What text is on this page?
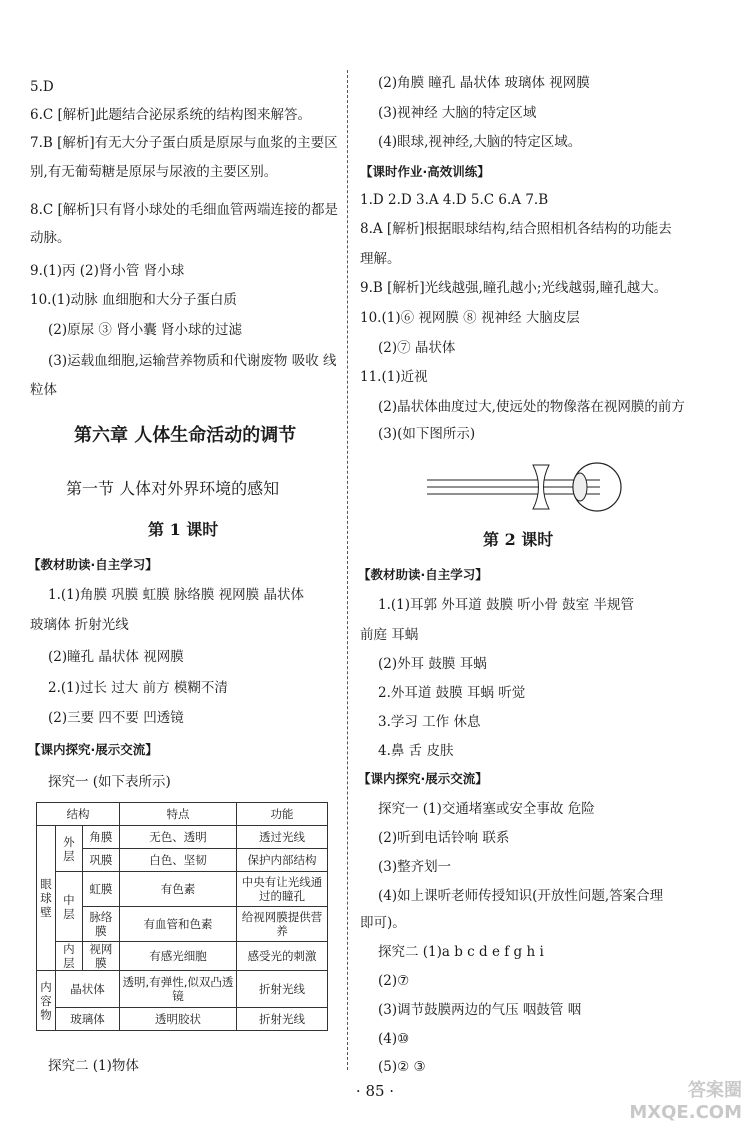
5.D
6.C [解析]此题结合泌尿系统的结构图来解答。
7.B [解析]有无大分子蛋白质是原尿与血浆的主要区
别,有无葡萄糖是原尿与尿液的主要区别。
8.C [解析]只有肾小球处的毛细血管两端连接的都是
动脉。
9.(1)丙 (2)肾小管 肾小球
10.(1)动脉 血细胞和大分子蛋白质
(2)原尿 ③ 肾小囊 肾小球的过滤
(3)运载血细胞,运输营养物质和代谢废物 吸收 线
粒体
第六章 人体生命活动的调节
第一节 人体对外界环境的感知
第 1 课时
【教材助读·自主学习】
1.(1)角膜 巩膜 虹膜 脉络膜 视网膜 晶状体
玻璃体 折射光线
(2)瞳孔 晶状体 视网膜
2.(1)过长 过大 前方 模糊不清
(2)三要 四不要 凹透镜
【课内探究·展示交流】
探究一 (如下表所示)
结构			特点	功能
眼球壁	外层	角膜	无色、透明	透过光线
		巩膜	白色、坚韧	保护内部结构
	中层	虹膜	有色素	中央有让光线通过的瞳孔
		脉络膜	有血管和色素	给视网膜提供营养
	内层	视网膜	有感光细胞	感受光的刺激
内容物	晶状体		透明,有弹性,似双凸透镜	折射光线
	玻璃体		透明胶状	折射光线
探究二 (1)物体
(2)角膜 瞳孔 晶状体 玻璃体 视网膜
(3)视神经 大脑的特定区域
(4)眼球,视神经,大脑的特定区域。
【课时作业·高效训练】
1.D 2.D 3.A 4.D 5.C 6.A 7.B
8.A [解析]根据眼球结构,结合照相机各结构的功能去
理解。
9.B [解析]光线越强,瞳孔越小;光线越弱,瞳孔越大。
10.(1)⑥ 视网膜 ⑧ 视神经 大脑皮层
(2)⑦ 晶状体
11.(1)近视
(2)晶状体曲度过大,使远处的物像落在视网膜的前方
(3)(如下图所示)
第 2 课时
【教材助读·自主学习】
1.(1)耳郭 外耳道 鼓膜 听小骨 鼓室 半规管
前庭 耳蜗
(2)外耳 鼓膜 耳蜗
2.外耳道 鼓膜 耳蜗 听觉
3.学习 工作 休息
4.鼻 舌 皮肤
【课内探究·展示交流】
探究一 (1)交通堵塞或安全事故 危险
(2)听到电话铃响 联系
(3)整齐划一
(4)如上课听老师传授知识(开放性问题,答案合理
即可)。
探究二 (1)a b c d e f g h i
(2)⑦
(3)调节鼓膜两边的气压 咽鼓管 咽
(4)⑩
(5)② ③
· 85 ·	答案圈 MXQE.COM
